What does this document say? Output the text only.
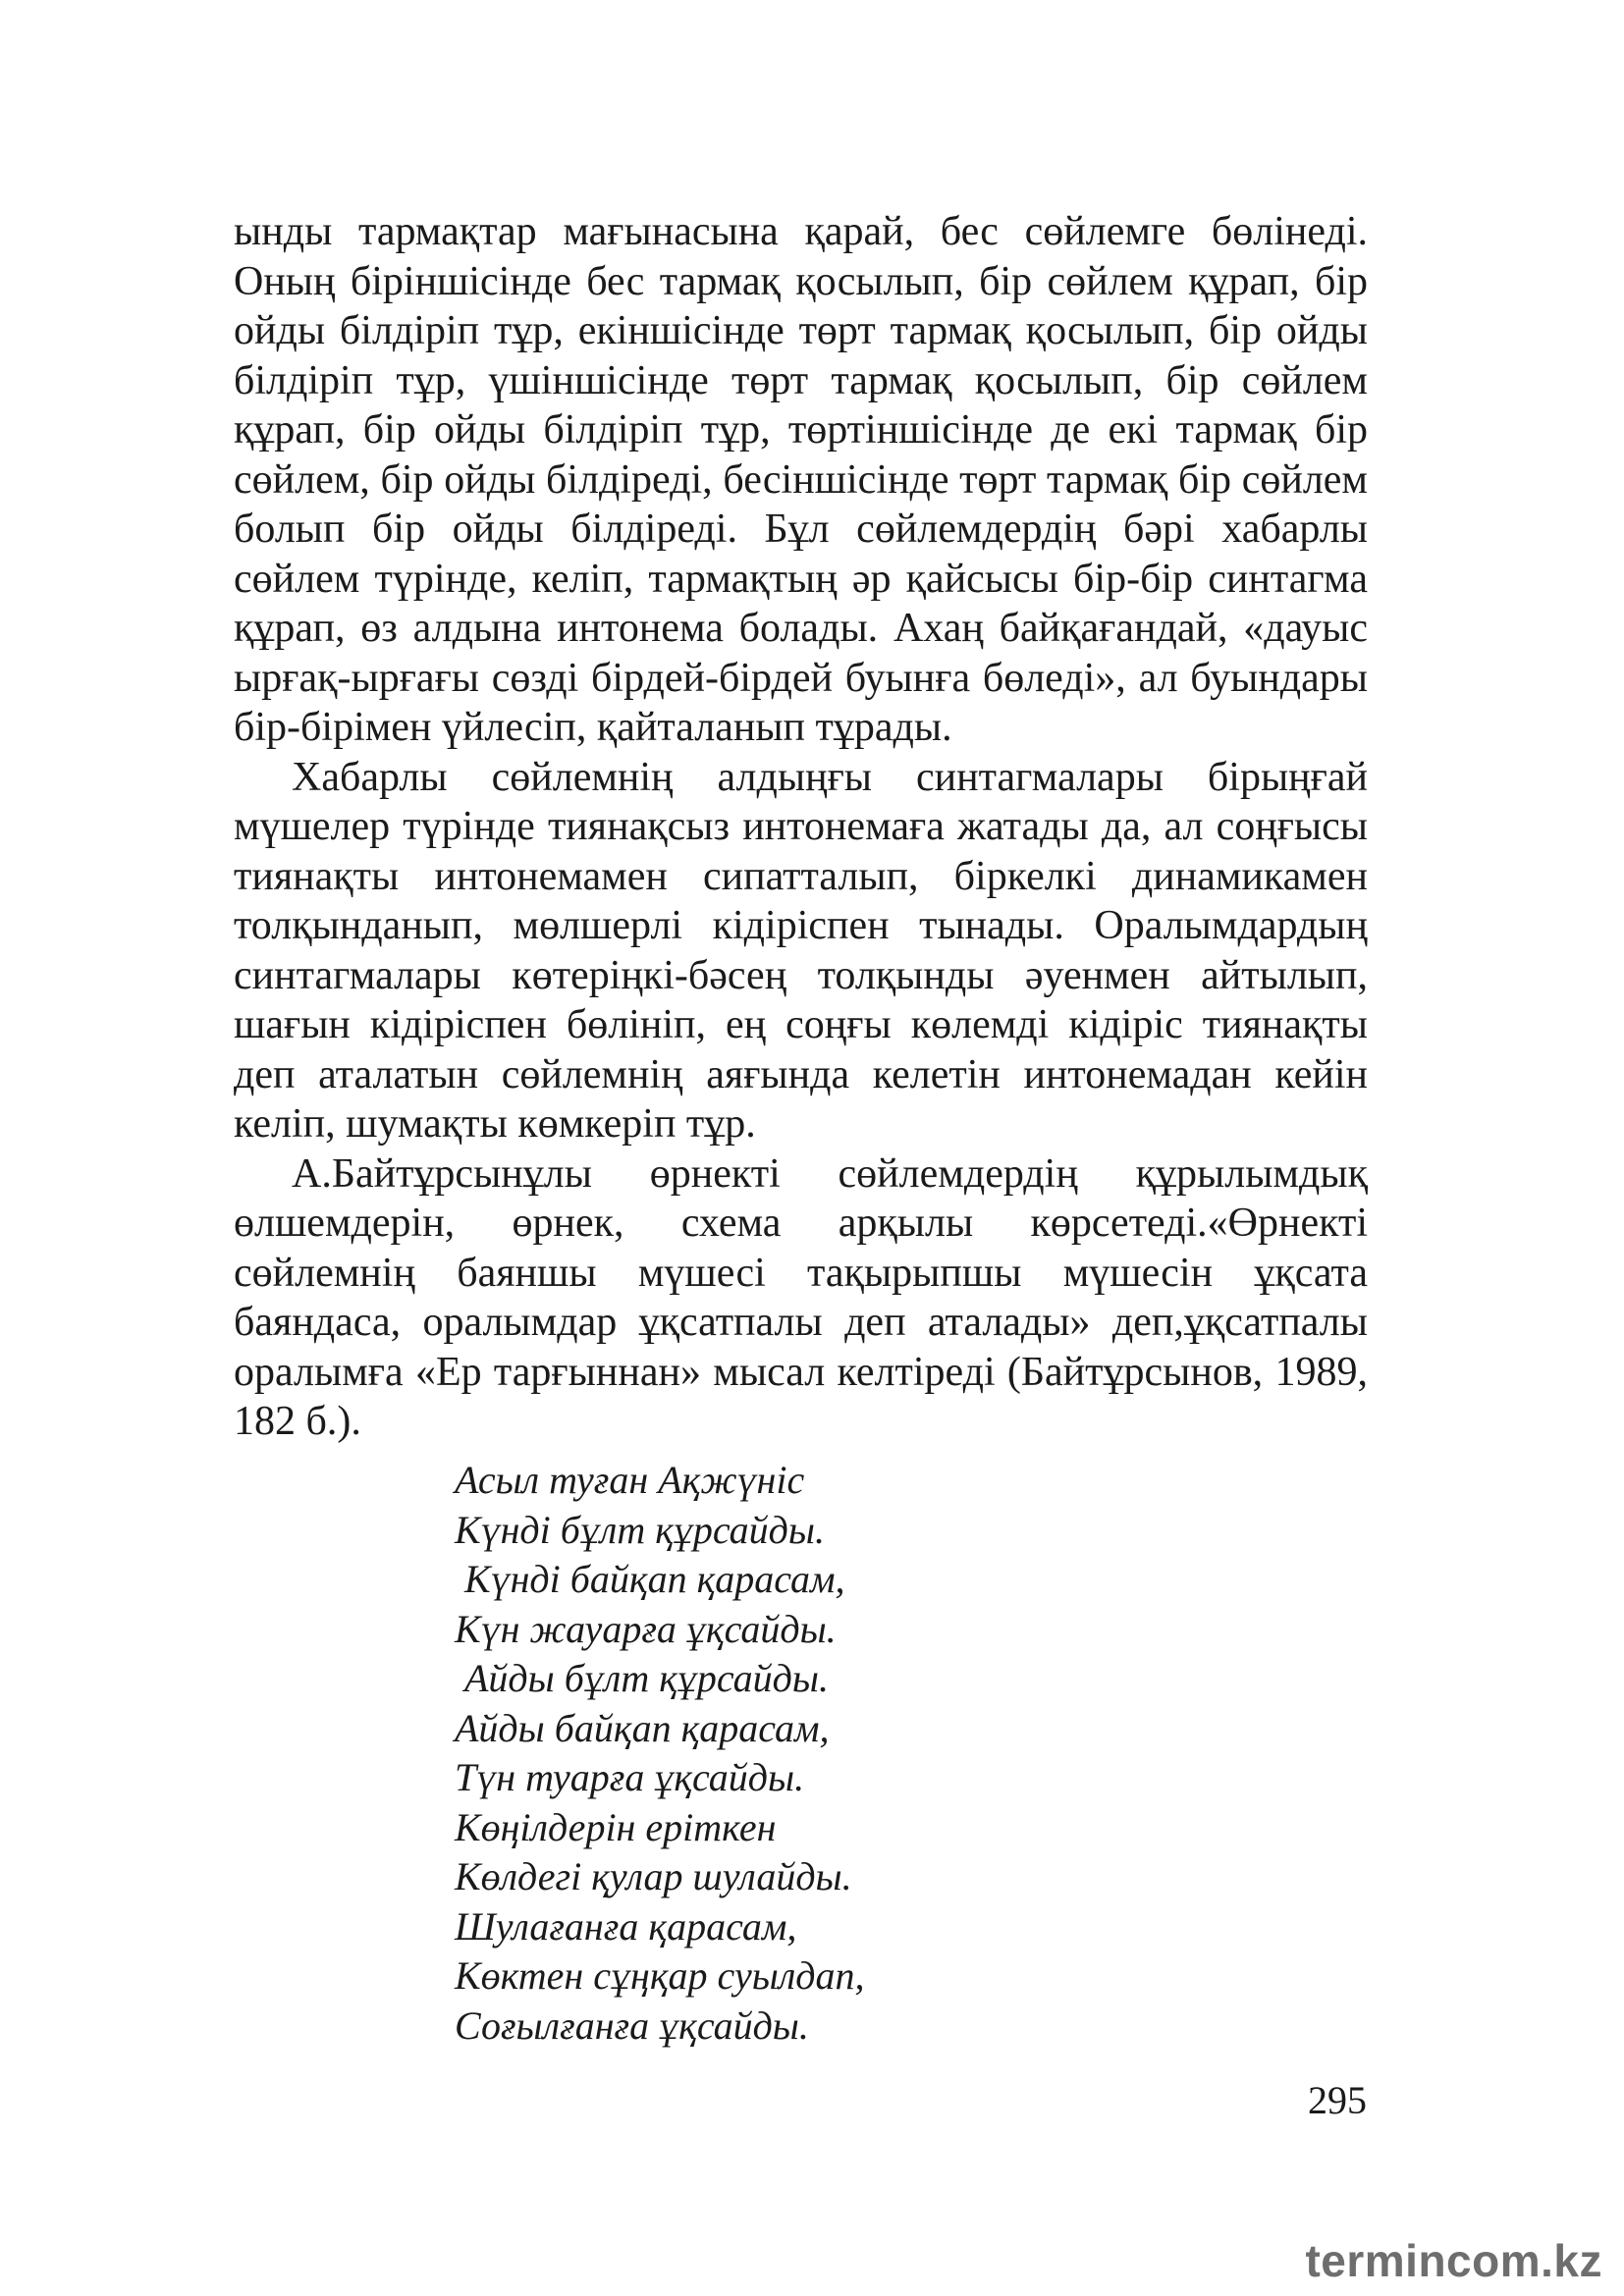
ынды тармақтар мағынасына қарай, бес сөйлемге бөлінеді. Оның біріншісінде бес тармақ қосылып, бір сөйлем құрап, бір ойды білдіріп тұр, екіншісінде төрт тармақ қосылып, бір ойды білдіріп тұр, үшіншісінде төрт тармақ қосылып, бір сөйлем құрап, бір ойды білдіріп тұр, төртіншісінде де екі тармақ бір сөйлем, бір ойды білдіреді, бесіншісінде төрт тармақ бір сөйлем болып бір ойды білдіреді. Бұл сөйлемдердің бәрі хабарлы сөйлем түрінде, келіп, тармақтың әр қайсысы бір-бір синтагма құрап, өз алдына интонема болады. Ахаң байқағандай, «дауыс ырғақ-ырғағы сөзді бірдей-бірдей буынға бөледі», ал буындары бір-бірімен үйлесіп, қайталанып тұрады.

Хабарлы сөйлемнің алдыңғы синтагмалары бірыңғай мүшелер түрінде тиянақсыз интонемаға жатады да, ал соңғысы тиянақты интонемамен сипатталып, біркелкі динамикамен толқынданып, мөлшерлі кідіріспен тынады. Оралымдардың синтагмалары көтеріңкі-бәсең толқынды әуенмен айтылып, шағын кідіріспен бөлініп, ең соңғы көлемді кідіріс тиянақты деп аталатын сөйлемнің аяғында келетін интонемадан кейін келіп, шумақты көмкеріп тұр.

А.Байтұрсынұлы өрнекті сөйлемдердің құрылымдық өлшемдерін, өрнек, схема арқылы көрсетеді.«Өрнекті сөйлемнің баяншы мүшесі тақырыпшы мүшесін ұқсата баяндаса, оралымдар ұқсатпалы деп аталады» деп,ұқсатпалы оралымға «Ер тарғыннан» мысал келтіреді (Байтұрсынов, 1989, 182 б.).

Асыл туған Ақжүніс
Күнді бұлт құрсайды.
Күнді байқап қарасам,
Күн жауарға ұқсайды.
Айды бұлт құрсайды.
Айды байқап қарасам,
Түн туарға ұқсайды.
Көңілдерін еріткен
Көлдегі қулар шулайды.
Шулағанға қарасам,
Көктен сұңқар суылдап,
Соғылғанға ұқсайды.
295
termincom.kz
